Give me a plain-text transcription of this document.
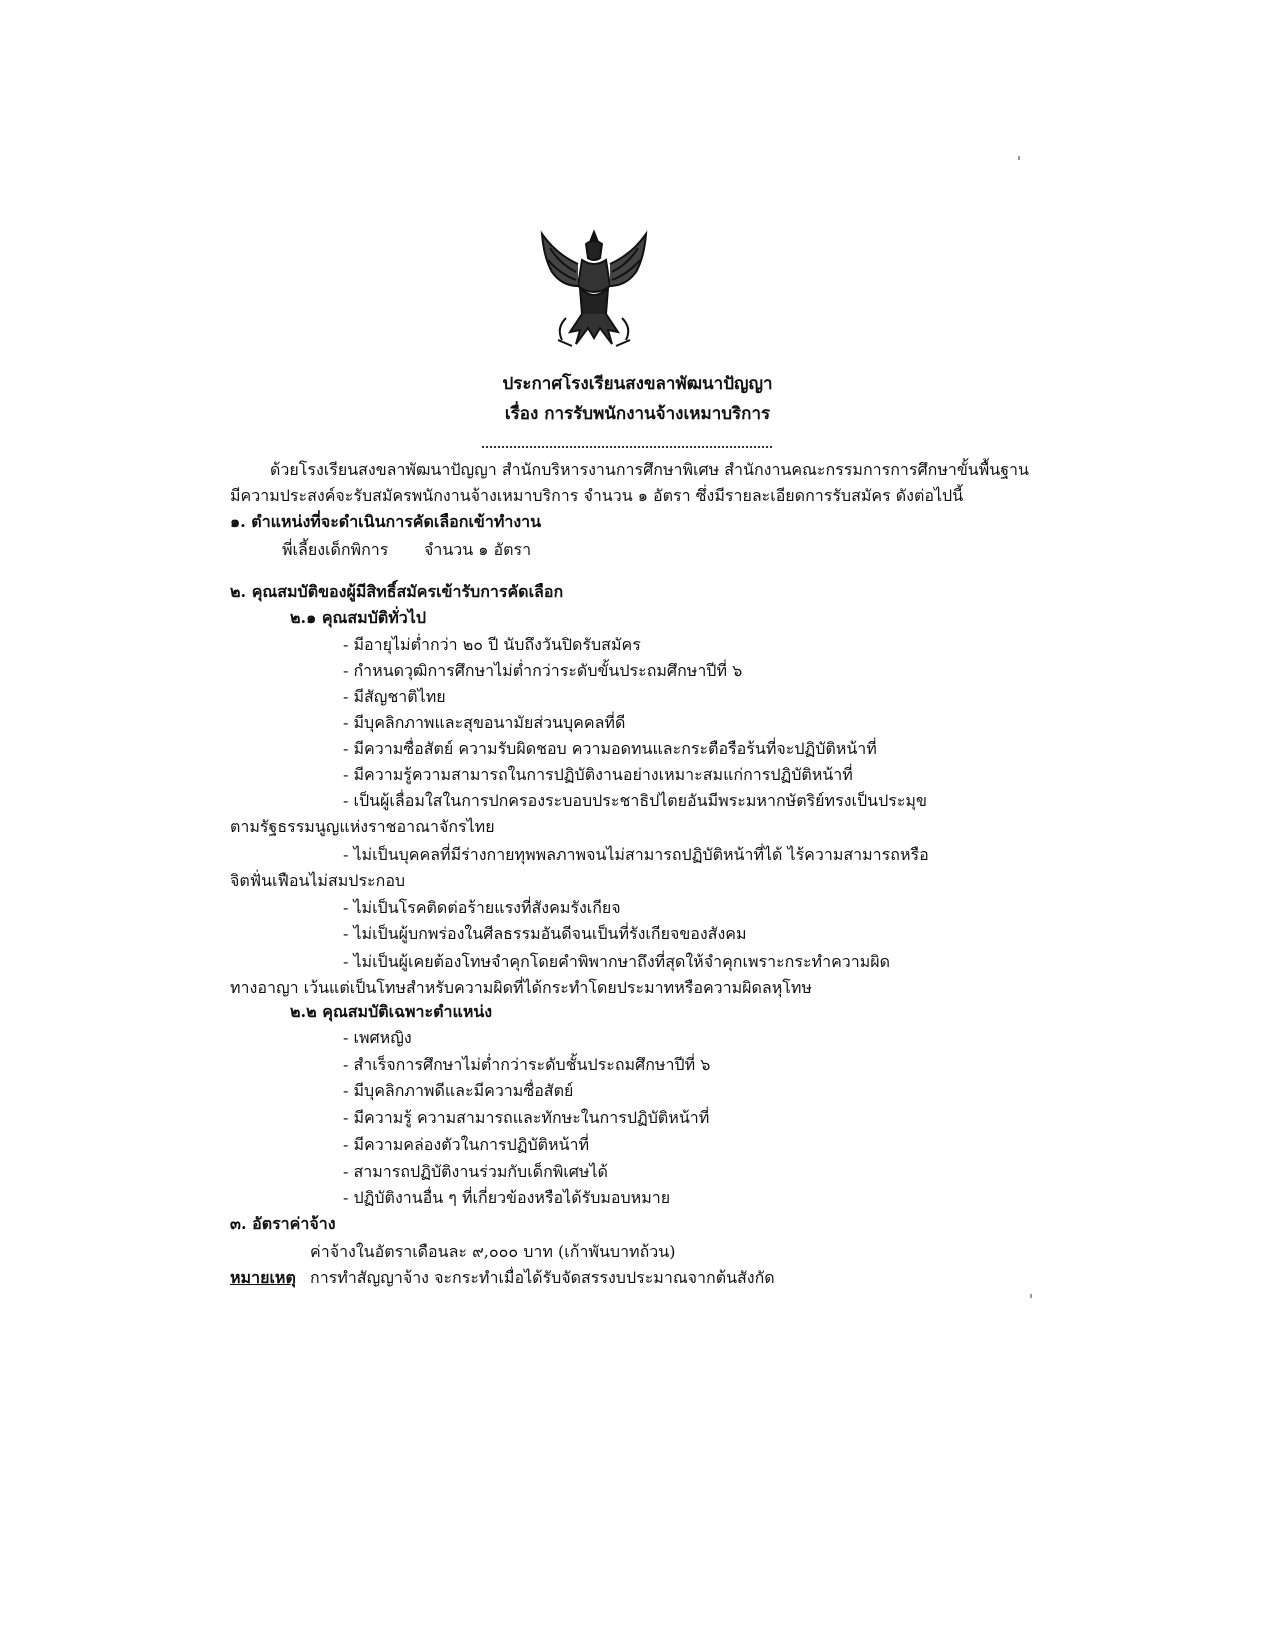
ประกาศโรงเรียนสงขลาพัฒนาปัญญา
เรื่อง การรับพนักงานจ้างเหมาบริการ
ด้วยโรงเรียนสงขลาพัฒนาปัญญา สำนักบริหารงานการศึกษาพิเศษ สำนักงานคณะกรรมการการศึกษาขั้นพื้นฐาน
มีความประสงค์จะรับสมัครพนักงานจ้างเหมาบริการ จำนวน ๑ อัตรา ซึ่งมีรายละเอียดการรับสมัคร ดังต่อไปนี้
๑. ตำแหน่งที่จะดำเนินการคัดเลือกเข้าทำงาน
พี่เลี้ยงเด็กพิการ จำนวน ๑ อัตรา
๒. คุณสมบัติของผู้มีสิทธิ์สมัครเข้ารับการคัดเลือก
๒.๑ คุณสมบัติทั่วไป
- มีอายุไม่ต่ำกว่า ๒๐ ปี นับถึงวันปิดรับสมัคร
- กำหนดวุฒิการศึกษาไม่ต่ำกว่าระดับขั้นประถมศึกษาปีที่ ๖
- มีสัญชาติไทย
- มีบุคลิกภาพและสุขอนามัยส่วนบุคคลที่ดี
- มีความซื่อสัตย์ ความรับผิดชอบ ความอดทนและกระตือรือร้นที่จะปฏิบัติหน้าที่
- มีความรู้ความสามารถในการปฏิบัติงานอย่างเหมาะสมแก่การปฏิบัติหน้าที่
- เป็นผู้เลื่อมใสในการปกครองระบอบประชาธิปไตยอันมีพระมหากษัตริย์ทรงเป็นประมุข
ตามรัฐธรรมนูญแห่งราชอาณาจักรไทย
- ไม่เป็นบุคคลที่มีร่างกายทุพพลภาพจนไม่สามารถปฏิบัติหน้าที่ได้ ไร้ความสามารถหรือ
จิตฟั่นเฟือนไม่สมประกอบ
- ไม่เป็นโรคติดต่อร้ายแรงที่สังคมรังเกียจ
- ไม่เป็นผู้บกพร่องในศีลธรรมอันดีจนเป็นที่รังเกียจของสังคม
- ไม่เป็นผู้เคยต้องโทษจำคุกโดยคำพิพากษาถึงที่สุดให้จำคุกเพราะกระทำความผิด
ทางอาญา เว้นแต่เป็นโทษสำหรับความผิดที่ได้กระทำโดยประมาทหรือความผิดลหุโทษ
๒.๒ คุณสมบัติเฉพาะตำแหน่ง
- เพศหญิง
- สำเร็จการศึกษาไม่ต่ำกว่าระดับชั้นประถมศึกษาปีที่ ๖
- มีบุคลิกภาพดีและมีความซื่อสัตย์
- มีความรู้ ความสามารถและทักษะในการปฏิบัติหน้าที่
- มีความคล่องตัวในการปฏิบัติหน้าที่
- สามารถปฏิบัติงานร่วมกับเด็กพิเศษได้
- ปฏิบัติงานอื่น ๆ ที่เกี่ยวข้องหรือได้รับมอบหมาย
๓. อัตราค่าจ้าง
ค่าจ้างในอัตราเดือนละ ๙,๐๐๐ บาท (เก้าพันบาทถ้วน)
หมายเหตุ การทำสัญญาจ้าง จะกระทำเมื่อได้รับจัดสรรงบประมาณจากต้นสังกัด
